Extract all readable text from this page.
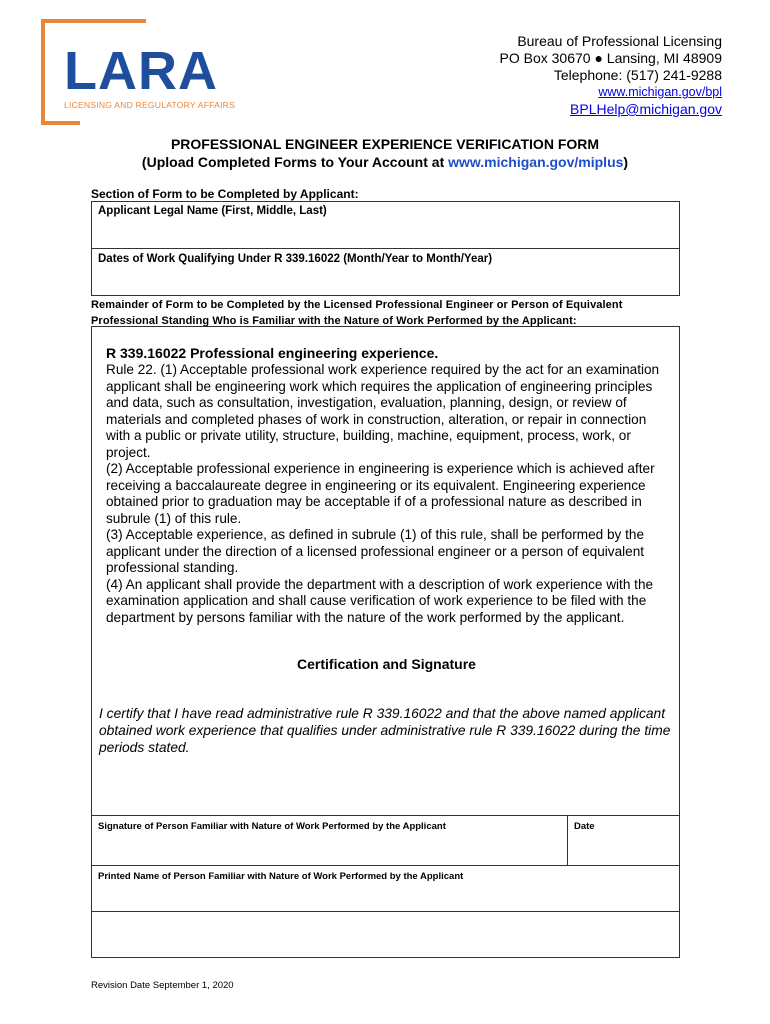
LARA
LICENSING AND REGULATORY AFFAIRS
Bureau of Professional Licensing
PO Box 30670 ● Lansing, MI 48909
Telephone: (517) 241-9288
www.michigan.gov/bpl
BPLHelp@michigan.gov
PROFESSIONAL ENGINEER EXPERIENCE VERIFICATION FORM
(Upload Completed Forms to Your Account at www.michigan.gov/miplus)
Section of Form to be Completed by Applicant:
Applicant Legal Name (First, Middle, Last)
Dates of Work Qualifying Under R 339.16022 (Month/Year to Month/Year)
Remainder of Form to be Completed by the Licensed Professional Engineer or Person of Equivalent
Professional Standing Who is Familiar with the Nature of Work Performed by the Applicant:
R 339.16022 Professional engineering experience.

Rule 22. (1) Acceptable professional work experience required by the act for an examination applicant shall be engineering work which requires the application of engineering principles and data, such as consultation, investigation, evaluation, planning, design, or review of materials and completed phases of work in construction, alteration, or repair in connection with a public or private utility, structure, building, machine, equipment, process, work, or project.

(2) Acceptable professional experience in engineering is experience which is achieved after receiving a baccalaureate degree in engineering or its equivalent. Engineering experience obtained prior to graduation may be acceptable if of a professional nature as described in subrule (1) of this rule.

(3) Acceptable experience, as defined in subrule (1) of this rule, shall be performed by the applicant under the direction of a licensed professional engineer or a person of equivalent professional standing.

(4) An applicant shall provide the department with a description of work experience with the examination application and shall cause verification of work experience to be filed with the department by persons familiar with the nature of the work performed by the applicant.

Certification and Signature
I certify that I have read administrative rule R 339.16022 and that the above named applicant obtained work experience that qualifies under administrative rule R 339.16022 during the time periods stated.
Signature of Person Familiar with Nature of Work Performed by the Applicant	Date
Printed Name of Person Familiar with Nature of Work Performed by the Applicant
Revision Date September 1, 2020
